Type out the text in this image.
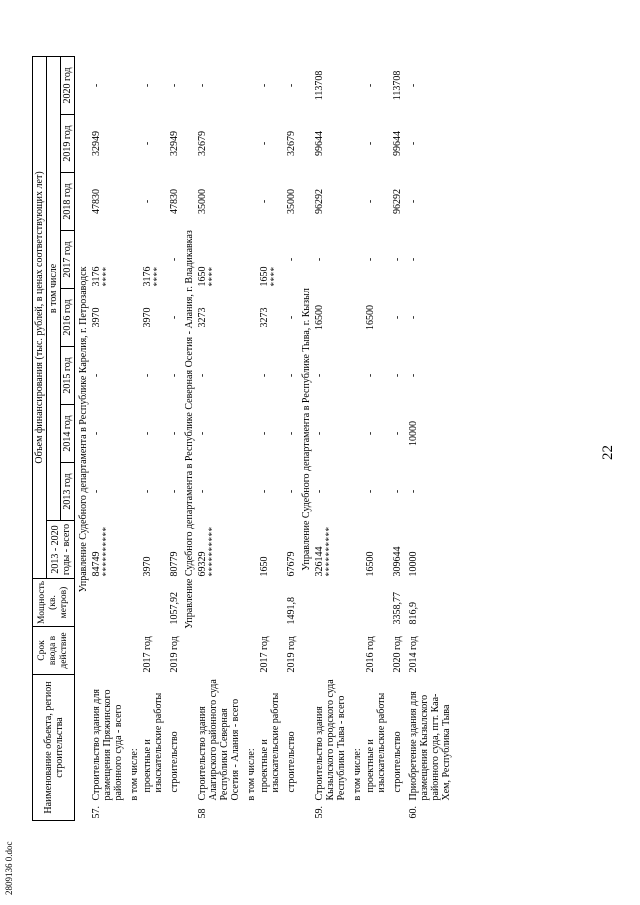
22
2809136 0.doc
Наименование объекта, регион строительства		Срок ввода в действие	Мощность (кв. метров)	Объем финансирования (тыс. рублей, в ценах соответствующих лет)								
				2013 - 2020 годы - всего	в том числе							
					2013 год	2014 год	2015 год	2016 год	2017 год	2018 год	2019 год	2020 год
	Управление Судебного департамента в Республике Карелия, г. Петрозаводск											
57.	Строительство здания для размещения Пряжинского районного суда - всего			84749 **********	-	-	-	3970	3176 ****	47830	32949	-
	в том числе:											
	проектные и изыскательские работы	2017 год		3970	-	-	-	3970	3176 ****	-	-	-
	строительство	2019 год	1057,92	80779	-	-	-	-	-	47830	32949	-
	Управление Судебного департамента в Республике Северная Осетия - Алания, г. Владикавказ											
58	Строительство здания Алагирского районного суда Республики Северная Осетия - Алания - всего			69329 **********	-	-	-	3273	1650 ****	35000	32679	-
	в том числе:											
	проектные и изыскательские работы	2017 год		1650	-	-	-	3273	1650 ****	-	-	-
	строительство	2019 год	1491,8	67679	-	-	-	-	-	35000	32679	-
	Управление Судебного департамента в Республике Тыва, г. Кызыл											
59.	Строительство здания Кызылского городского суда Республики Тыва - всего			326144 **********	-	-	-	16500	-	96292	99644	113708
	в том числе:											
	проектные и изыскательские работы	2016 год		16500	-	-	-	16500	-	-	-	-
	строительство	2020 год	3358,77	309644	-	-	-	-	-	96292	99644	113708
60.	Приобретение здания для размещения Кызылского районного суда, пгт. Каа-Хем, Республика Тыва	2014 год	816,9	10000	-	10000	-	-	-	-	-	-
